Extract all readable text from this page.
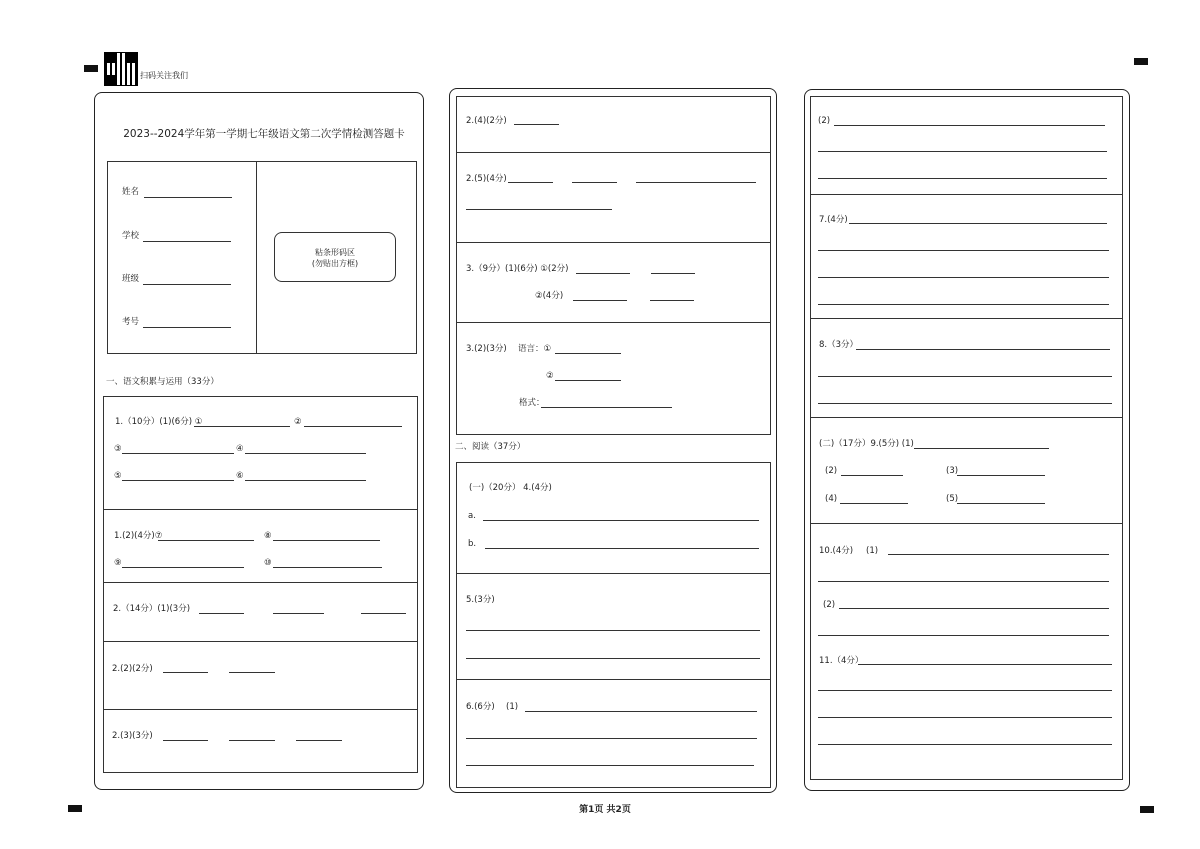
扫码关注我们
2023--2024学年第一学期七年级语文第二次学情检测答题卡
姓名
学校
班级
考号
粘条形码区
(勿贴出方框)
一、语文积累与运用（33分）
1.（10分）(1)(6分) ①	②
③	④
⑤	⑥
1.(2)(4分)⑦	⑧
⑨	⑩
2.（14分）(1)(3分)
2.(2)(2分)
2.(3)(3分)
2.(4)(2分)
2.(5)(4分)
3.（9分）(1)(6分) ①(2分)
②(4分)
3.(2)(3分) 语言：①
②
格式：
二、阅读（37分）
(一)（20分） 4.(4分)
a.
b.
5.(3分)
6.(6分) (1)
(2)
7.(4分)
8.（3分）
(二)（17分）9.(5分) (1)
(2)	(3)
(4)	(5)
10.(4分) (1)
(2)
11.（4分）
第1页 共2页
